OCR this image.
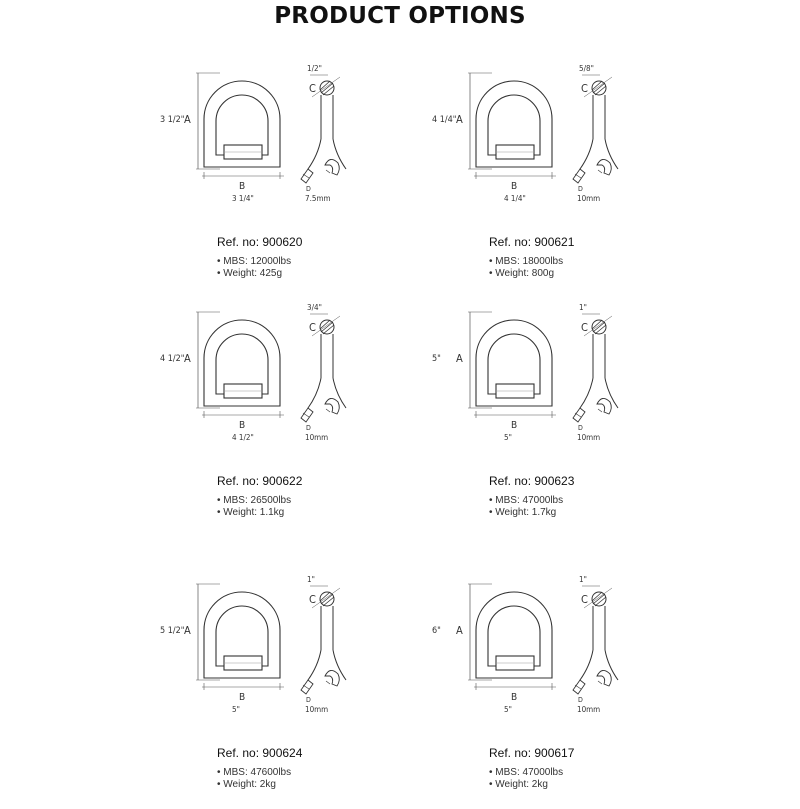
PRODUCT OPTIONS
3 1/2" A
B
3 1/4"
1/2"
C
D
7.5mm
Ref. no: 900620
• MBS: 12000lbs
• Weight: 425g
4 1/4" A
B
4 1/4"
5/8"
C
D
10mm
Ref. no: 900621
• MBS: 18000lbs
• Weight: 800g
4 1/2" A
B
4 1/2"
3/4"
C
D
10mm
Ref. no: 900622
• MBS: 26500lbs
• Weight: 1.1kg
5" A
B
5"
1"
C
D
10mm
Ref. no: 900623
• MBS: 47000lbs
• Weight: 1.7kg
5 1/2" A
B
5"
1"
C
D
10mm
Ref. no: 900624
• MBS: 47600lbs
• Weight: 2kg
6" A
B
5"
1"
C
D
10mm
Ref. no: 900617
• MBS: 47000lbs
• Weight: 2kg
